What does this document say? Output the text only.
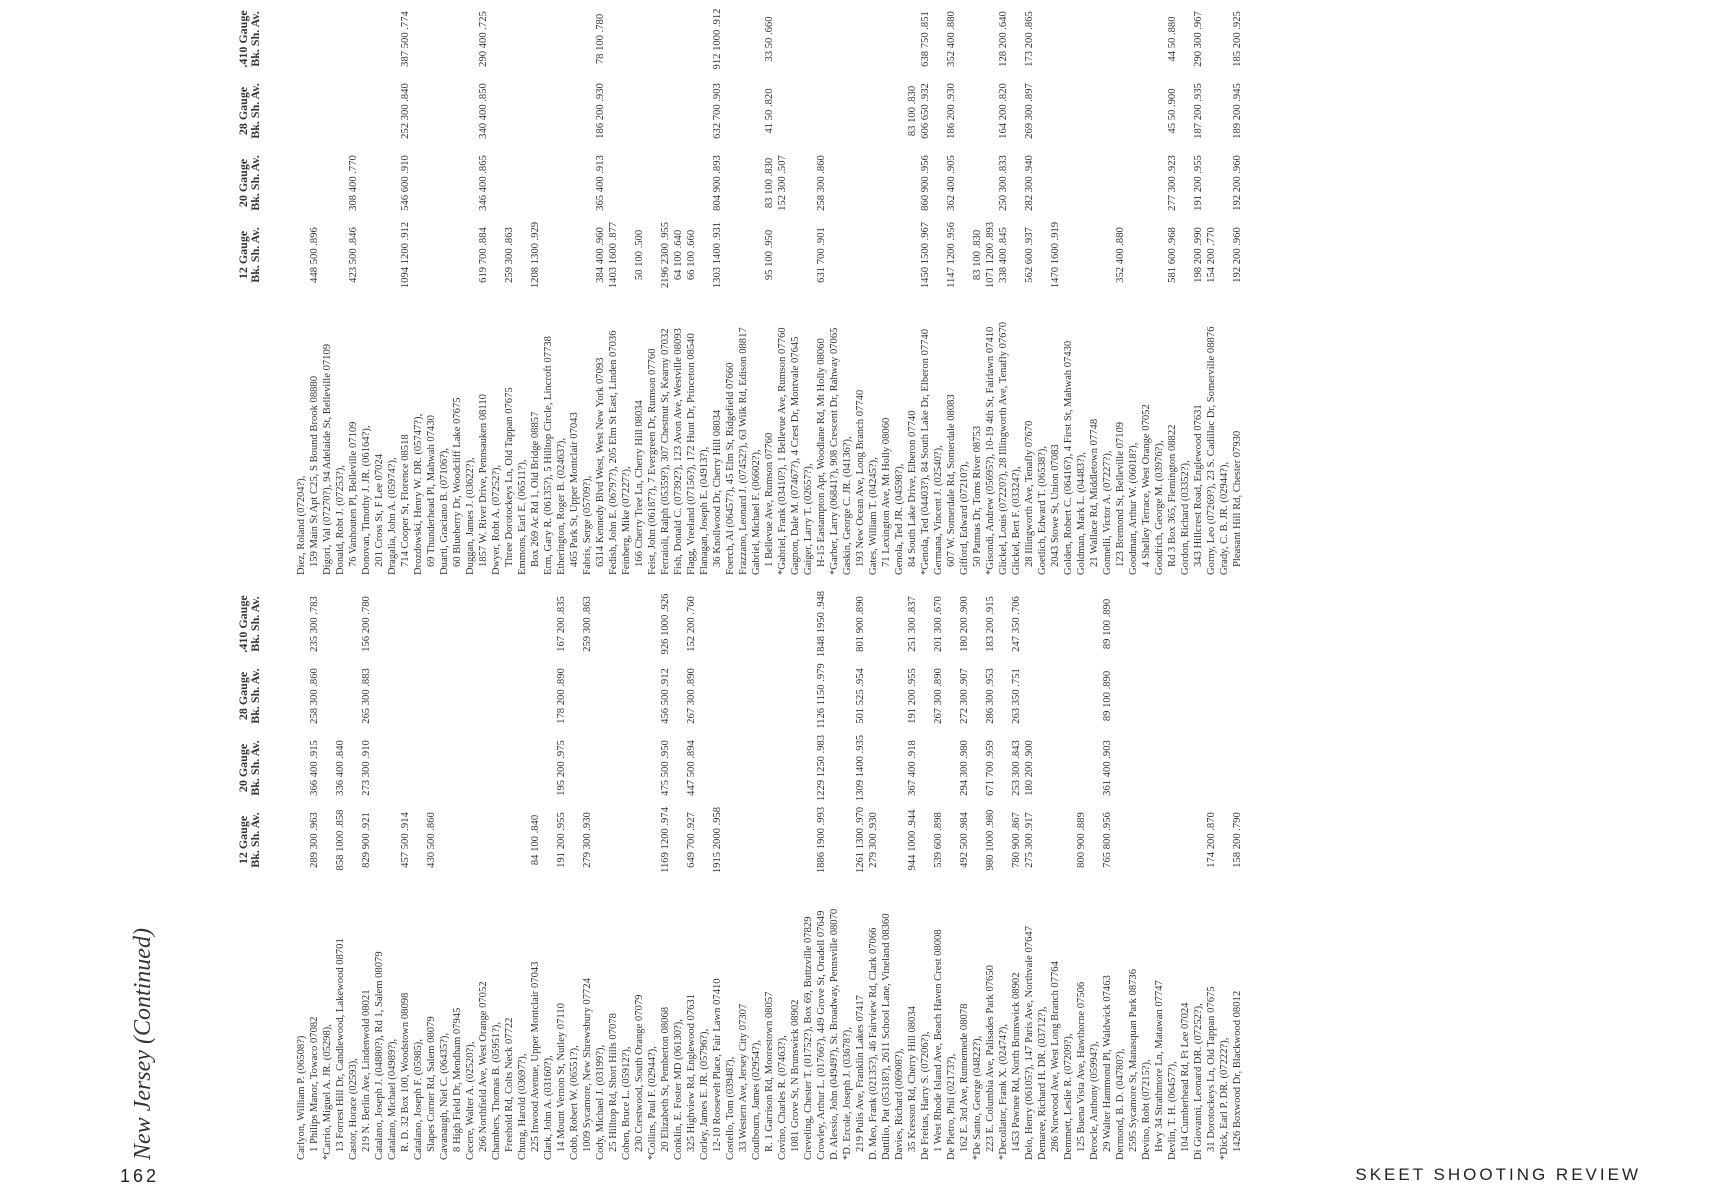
New Jersey (Continued)
12 Gauge
Bk. Sh. Av.
20 Gauge
Bk. Sh. Av.
28 Gauge
Bk. Sh. Av.
.410 Gauge
Bk. Sh. Av.
Carlyon, William P. (06508?) 1 Philips Manor, Towaco 07082
289 300 .963
366 400 .915
258 300 .860
235 300 .783
*Carrio, Miguel A. JR. (05298), 13 Forrest Hill Dr, Candlewood, Lakewood 08701
858 1000 .858
336 400 .840
Castor, Horace (02593), 219 N. Berlin Ave, Lindenwold 08021
829 900 .921
273 300 .910
265 300 .883
156 200 .780
Catalano, Joseph J. (04880?), Rd 1, Salem 08079 Catalano, Michael (04989?), R. D. 32 Box 100, Woodstown 08098
457 500 .914
Catalano, Joseph F. (05985), Slapes Corner Rd, Salem 08079
430 500 .860
Cavanaugh, Niel C. (06435?), 8 High Field Dr, Mendham 07945 Cecere, Walter A. (02520?), 266 Northfield Ave, West Orange 07052 Chambers, Thomas B. (05951?), Freehold Rd, Colts Neck 07722 Chung, Harold (03697?), 225 Inwood Avenue, Upper Montclair 07043
84 100 .840
Clark, John A. (03160?), 14 Mount Vernon St, Nutley 07110
191 200 .955
195 200 .975
178 200 .890
167 200 .835
Cobb, Robert W. (06551?), 1009 Sycamore, New Shrewsbury 07724
279 300 .930
259 300 .863
Cody, Michael J. (03199?), 25 Hilltop Rd, Short Hills 07078 Cohen, Bruce L. (05912?), 230 Crestwood, South Orange 07079 *Collins, Paul F. (02944?), 20 Elizabeth St, Pemberton 08068
1169 1200 .974
475 500 .950
456 500 .912
926 1000 .926
Conklin, E. Foster MD (06130?), 325 Highview Rd, Englewood 07631
649 700 .927
447 500 .894
267 300 .890
152 200 .760
Corley, James E. JR. (05796?), 12-10 Roosevelt Place, Fair Lawn 07410
1915 2000 .958
Costello, Tom (03948?), 33 Western Ave, Jersey City 07307 Coulbourn, James (02954?), R. 1 Garrison Rd, Moorestown 08057 Covino, Charles R. (07463?), 1081 Grove St, N Brunswick 08902 Creveling, Chester T. (01752?), Box 69, Buttzville 07829 Crowley, Arthur L. (01766?), 449 Grove St, Oradell 07649
1886 1900 .993
1229 1250 .983
1126 1150 .979
1848 1950 .948
D. Alessio, John (04949?), St. Broadway, Pennsville 08070 *D. Ercole, Joseph J. (03678?), 219 Pulis Ave, Franklin Lakes 07417
1261 1300 .970
1309 1400 .935
501 525 .954
801 900 .890
D. Meo, Frank (02135?), 46 Fairview Rd, Clark 07066
279 300 .930
Dattilio, Pat (05318?), 2611 School Lane, Vineland 08360 Davies, Richard (06908?), 35 Kresson Rd, Cherry Hill 08034
944 1000 .944
367 400 .918
191 200 .955
251 300 .837
De Freitas, Harry S. (07206?), 1 West Rhode Island Ave, Beach Haven Crest 08008
539 600 .898
267 300 .890
201 300 .670
De Pietro, Phil (02173?), 162 E. 3rd Ave, Runnemede 08078
492 500 .984
294 300 .980
272 300 .907
180 200 .900
*De Santo, George (04822?), 223 E. Columbia Ave, Palisades Park 07650
980 1000 .980
671 700 .959
286 300 .953
183 200 .915
*Decollator, Frank X. (02474?), 1453 Pawnee Rd, North Brunswick 08902
780 900 .867
253 300 .843
263 350 .751
247 350 .706
Delo, Henry (06105?), 147 Paris Ave, Northvale 07647
275 300 .917
180 200 .900
Demaree, Richard H. DR. (03712?), 286 Norwood Ave, West Long Branch 07764 Demmett, Leslie R. (07209?), 125 Buena Vista Ave, Hawthorne 07506
800 900 .889
Derocle, Anthony (05994?), 29 Walter Hammond Pl, Waldwick 07463
765 800 .956
361 400 .903
89 100 .890
89 100 .890
Dermond, B. D. (04780?), 2595 Sycamore St, Manasquan Park 08736 Devino, Robt (07215?), Hwy 34 Strathmore Ln, Matawan 07747 Devlin, T. H. (06457?), 104 Cumberhead Rd, Ft Lee 07024 Di Giovanni, Leonard DR. (07252?), 31 Dorotockeys Ln, Old Tappan 07675
174 200 .870
*Dick, Earl P. DR. (07222?), 1426 Boxwood Dr, Blackwood 08012
158 200 .790
12 Gauge
Bk. Sh. Av.
20 Gauge
Bk. Sh. Av.
28 Gauge
Bk. Sh. Av.
.410 Gauge
Bk. Sh. Av.
Diez, Roland (07204?), 159 Main St Apt C25, S Bound Brook 08880
448 500 .896
Digori, Val (07270?), 94 Adelaide St, Belleville 07109 Donald, Robt J. (07253?), 76 Vanhouten Pl, Belleville 07109
423 500 .846
308 400 .770
Donovan, Timothy J. JR. (06164?), 201 Cross St, F Lee 07024 Dragalia, John A. (05974?), 714 Cooper St, Florence 08518
1094 1200 .912
546 600 .910
252 300 .840
387 500 .774
Drozdowski, Henry W. DR. (05747?), 69 Thunderhead Pl, Mahwah 07430 Duarti, Graciano B. (07106?), 60 Blueberry Dr, Woodcliff Lake 07675 Duggan, James J. (03622?), 1857 W. River Drive, Pennsauken 08110
619 700 .884
346 400 .865
340 400 .850
290 400 .725
Dwyer, Robt A. (07252?), Three Dorotockeys Ln, Old Tappan 07675
259 300 .863
Emmons, Earl E. (06511?), Box 269 Ac Rd 1, Old Bridge 08857
1208 1300 .929
Erm, Gary R. (06135?), 5 Hilltop Circle, Lincroft 07738 Etherington, Roger B. (02463?), 465 Park St, Upper Montclair 07043 Fabris, Serge (05709?), 6314 Kennedy Blvd West, West New York 07093
384 400 .960
365 400 .913
186 200 .930
78 100 .780
Fedish, John E. (06797?), 205 Elm St East, Linden 07036
1403 1600 .877
Feinberg, Mike (07227?), 166 Cherry Tree Ln, Cherry Hill 08034
50 100 .500
Feist, John (06187?), 7 Evergreen Dr, Rumson 07760 Ferraioli, Ralph (05359?), 307 Chestnut St, Kearny 07032
2196 2300 .955
Fish, Donald C. (07392?), 123 Avon Ave, Westville 08093
64 100 .640
Flagg, Vreeland (07156?), 172 Hunt Dr, Princeton 08540
66 100 .660
Flanagan, Joseph E. (04913?), 36 Knollwood Dr, Cherry Hill 08034
1303 1400 .931
804 900 .893
632 700 .903
912 1000 .912
Foerch, Al (06457?), 45 Elm St, Ridgefield 07660 Frazzano, Leonard J. (07452?), 63 Wilk Rd, Edison 08817 Gabriel, Michael F. (06602?), 1 Bellevue Ave, Rumson 07760
95 100 .950
83 100 .830
41 50 .820
33 50 .660
*Gabriel, Frank (03410?), 1 Bellevue Ave, Rumson 07760
152 300 .507
Gagnon, Dale M. (07467?), 4 Crest Dr, Montvale 07645 Gaiger, Larry T. (02657?), H-15 Eastampton Apt, Woodlane Rd, Mt Holly 08060
631 700 .901
258 300 .860
*Garber, Larry (06841?), 908 Crescent Dr, Rahway 07065 Gaskin, George C. JR. (04136?), 193 New Ocean Ave, Long Branch 07740 Gates, William T. (04245?), 71 Lexington Ave, Mt Holly 08060 Genola, Ted JR. (04598?), 84 South Lake Drive, Elberon 07740
83 100 .830
*Genola, Ted (04403?), 84 South Lake Dr, Elberon 07740
1450 1500 .967
860 900 .956
606 650 .932
638 750 .851
Germana, Vincent J. (02540?), 607 W. Somerdale Rd, Somerdale 08083
1147 1200 .956
362 400 .905
186 200 .930
352 400 .880
Gifford, Edward (07210?), 50 Patmas Dr, Toms River 08753
83 100 .830
*Gisondi, Andrew (05695?), 10-19 4th St, Fairlawn 07410
1071 1200 .893
Glickel, Louis (07220?), 28 Illingworth Ave, Tenafly 07670
338 400 .845
250 300 .833
164 200 .820
128 200 .640
Glickel, Bert F. (03324?), 28 Illingworth Ave, Tenafly 07670
562 600 .937
282 300 .940
269 300 .897
173 200 .865
Goetlich, Edward T. (06538?), 2043 Stowe St, Union 07083
1470 1600 .919
Golden, Robert C. (06416?), 4 First St, Mahwah 07430 Goldman, Mark L. (04483?), 21 Wallace Rd, Middletown 07748 Gonnelli, Victor A. (07227?), 123 Bremond St, Belleville 07109
352 400 .880
Goodman, Arthur W. (06018?), 4 Shelley Terrace, West Orange 07052 Goodrich, George M. (03976?), Rd 3 Box 365, Flemington 08822
581 600 .968
277 300 .923
45 50 .900
44 50 .880
Gordon, Richard (03352?), 343 Hillcrest Road, Englewood 07631
198 200 .990
191 200 .955
187 200 .935
290 300 .967
Gorny, Leo (07269?), 23 S. Cadillac Dr, Somerville 08876
154 200 .770
Grady, C. B. JR. (02944?), Pleasant Hill Rd, Chester 07930
192 200 .960
192 200 .960
189 200 .945
185 200 .925
162	SKEET SHOOTING REVIEW
